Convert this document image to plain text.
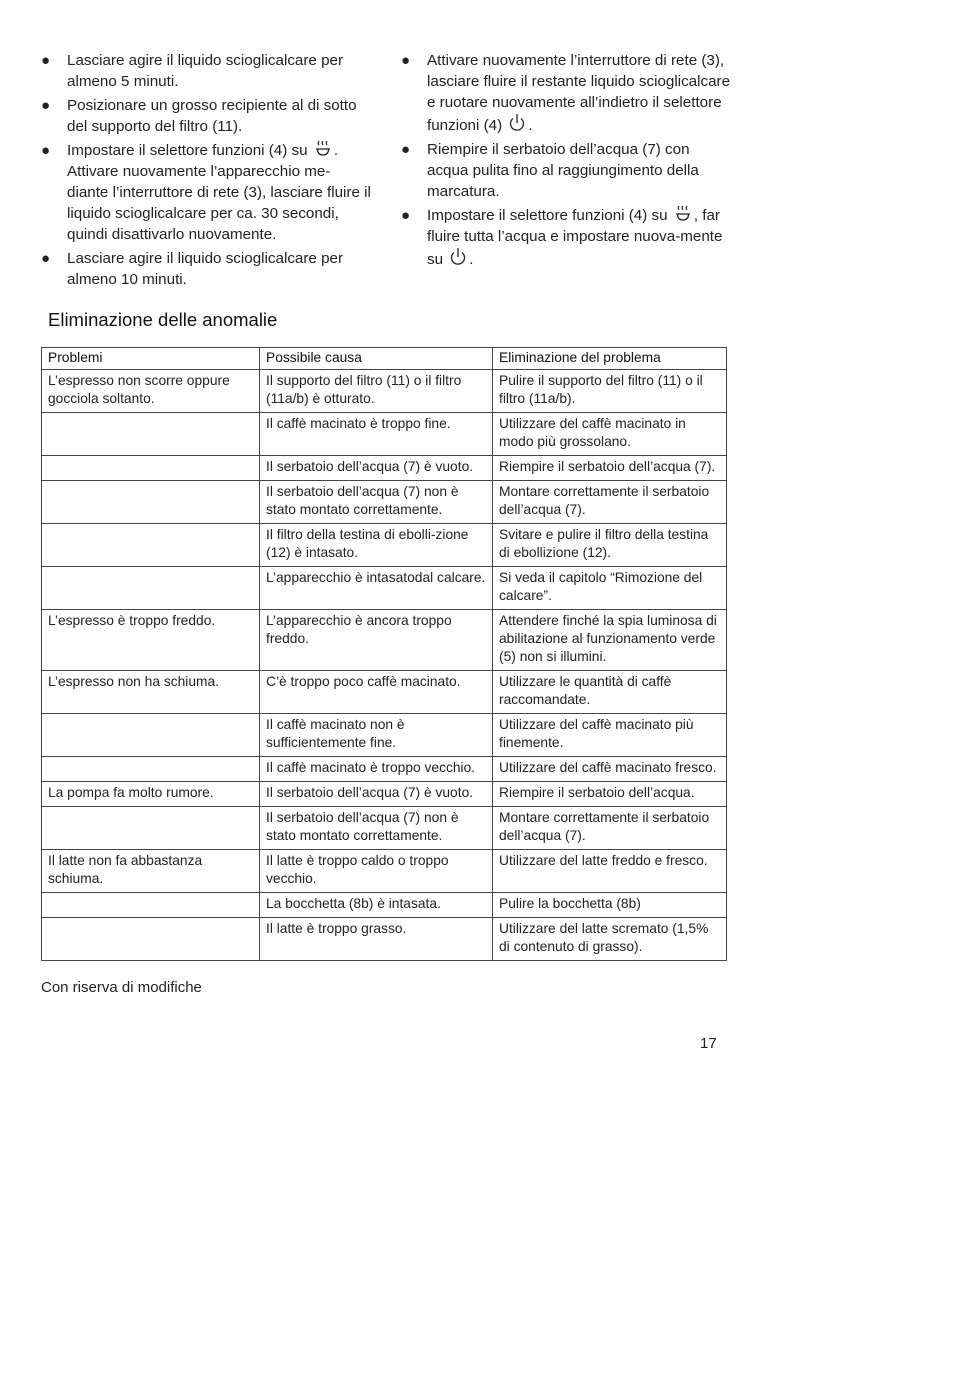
● Lasciare agire il liquido scioglicalcare per almeno 5 minuti.
● Posizionare un grosso recipiente al di sotto del supporto del filtro (11).
● Impostare il selettore funzioni (4) su . Attivare nuovamente l’apparecchio me-diante l’interruttore di rete (3), lasciare fluire il liquido scioglicalcare per ca. 30 secondi, quindi disattivarlo nuovamente.
● Lasciare agire il liquido scioglicalcare per almeno 10 minuti.
● Attivare nuovamente l’interruttore di rete (3), lasciare fluire il restante liquido scioglicalcare e ruotare nuovamente all’indietro il selettore funzioni (4) .
● Riempire il serbatoio dell’acqua (7) con acqua pulita fino al raggiungimento della marcatura.
● Impostare il selettore funzioni (4) su , far fluire tutta l’acqua e impostare nuova-mente su .
Eliminazione delle anomalie
Problemi	Possibile causa	Eliminazione del problema
L’espresso non scorre oppure gocciola soltanto.	Il supporto del filtro (11) o il filtro (11a/b) è otturato.	Pulire il supporto del filtro (11) o il filtro (11a/b).
	Il caffè macinato è troppo fine.	Utilizzare del caffè macinato in modo più grossolano.
	Il serbatoio dell’acqua (7) è vuoto.	Riempire il serbatoio dell’acqua (7).
	Il serbatoio dell’acqua (7) non è stato montato correttamente.	Montare correttamente il serbatoio dell’acqua (7).
	Il filtro della testina di ebolli-zione (12) è intasato.	Svitare e pulire il filtro della testina di ebollizione (12).
	L’apparecchio è intasatodal calcare.	Si veda il capitolo “Rimozione del calcare”.
L’espresso è troppo freddo.	L’apparecchio è ancora troppo freddo.	Attendere finché la spia luminosa di abilitazione al funzionamento verde (5) non si illumini.
L’espresso non ha schiuma.	C’è troppo poco caffè macinato.	Utilizzare le quantità di caffè raccomandate.
	Il caffè macinato non è sufficientemente fine.	Utilizzare del caffè macinato più finemente.
	Il caffè macinato è troppo vecchio.	Utilizzare del caffè macinato fresco.
La pompa fa molto rumore.	Il serbatoio dell’acqua (7) è vuoto.	Riempire il serbatoio dell’acqua.
	Il serbatoio dell’acqua (7) non è stato montato correttamente.	Montare correttamente il serbatoio dell’acqua (7).
Il latte non fa abbastanza schiuma.	Il latte è troppo caldo o troppo vecchio.	Utilizzare del latte freddo e fresco.
	La bocchetta (8b) è intasata.	Pulire la bocchetta (8b)
	Il latte è troppo grasso.	Utilizzare del latte scremato (1,5% di contenuto di grasso).
Con riserva di modifiche
17
